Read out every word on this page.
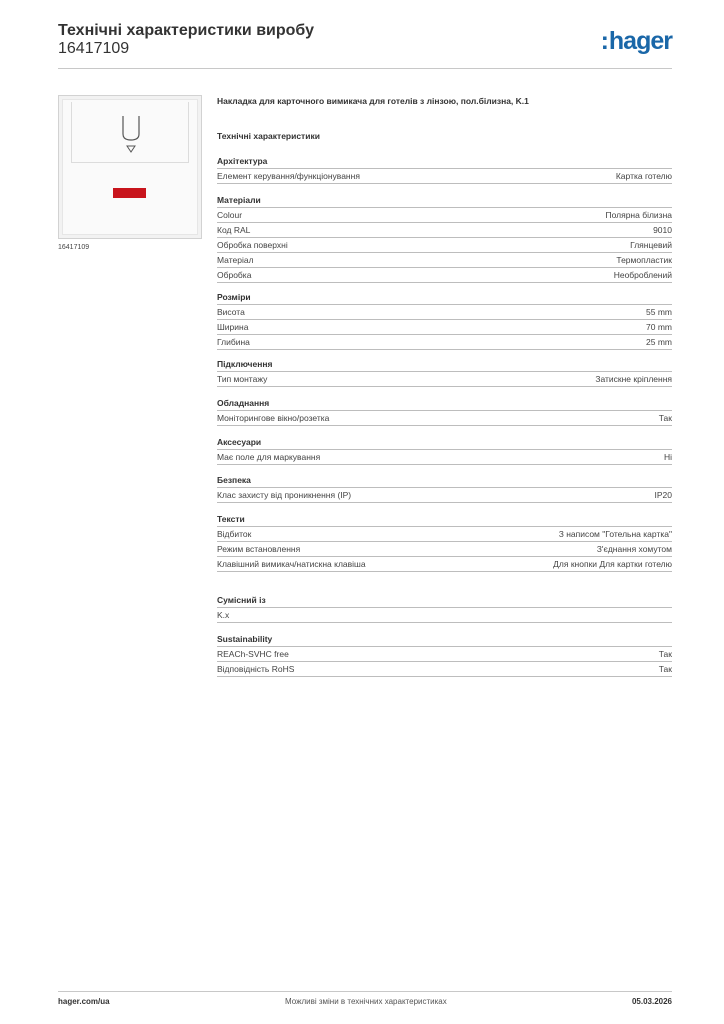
Технічні характеристики виробу
16417109	:hager
16417109
Накладка для карточного вимикача для готелів з лінзою, пол.білизна, K.1
Технічні характеристики
Архітектура
Елемент керування/функціонування	Картка готелю
Матеріали
Colour	Полярна білизна
Код RAL	9010
Обробка поверхні	Глянцевий
Матеріал	Термопластик
Обробка	Необроблений
Розміри
Висота	55 mm
Ширина	70 mm
Глибина	25 mm
Підключення
Тип монтажу	Затискне кріплення
Обладнання
Моніторингове вікно/розетка	Так
Аксесуари
Має поле для маркування	Ні
Безпека
Клас захисту від проникнення (IP)	IP20
Тексти
Відбиток	З написом "Готельна картка"
Режим встановлення	З'єднання хомутом
Клавішний вимикач/натискна клавіша	Для кнопки Для картки готелю
Сумісний із
K.x
Sustainability
REACh-SVHC free	Так
Відповідність RoHS	Так
hager.com/ua	Можливі зміни в технічних характеристиках	05.03.2026
